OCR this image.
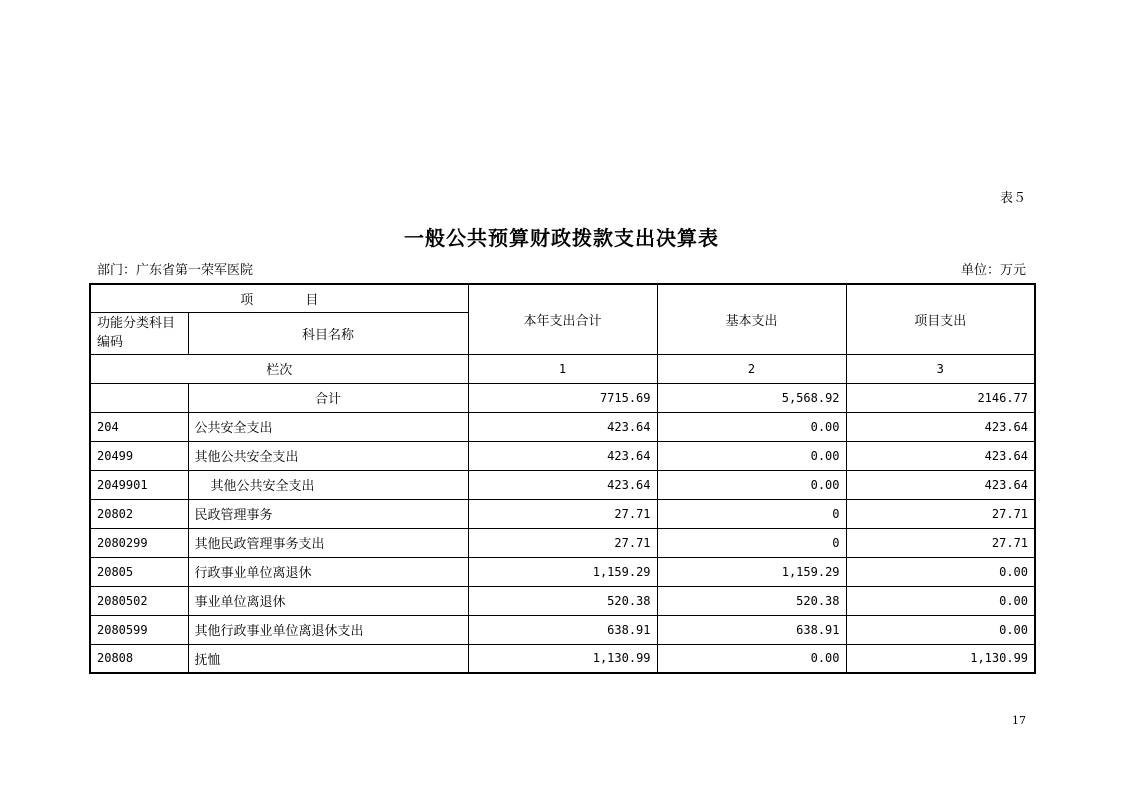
表５
一般公共预算财政拨款支出决算表
部门：广东省第一荣军医院	单位：万元
项 目		本年支出合计	基本支出	项目支出
功能分类科目编码	科目名称			
栏次		1	2	3
	合计	7715.69	5,568.92	2146.77
204	公共安全支出	423.64	0.00	423.64
20499	其他公共安全支出	423.64	0.00	423.64
2049901	其他公共安全支出	423.64	0.00	423.64
20802	民政管理事务	27.71	0	27.71
2080299	其他民政管理事务支出	27.71	0	27.71
20805	行政事业单位离退休	1,159.29	1,159.29	0.00
2080502	事业单位离退休	520.38	520.38	0.00
2080599	其他行政事业单位离退休支出	638.91	638.91	0.00
20808	抚恤	1,130.99	0.00	1,130.99
17
